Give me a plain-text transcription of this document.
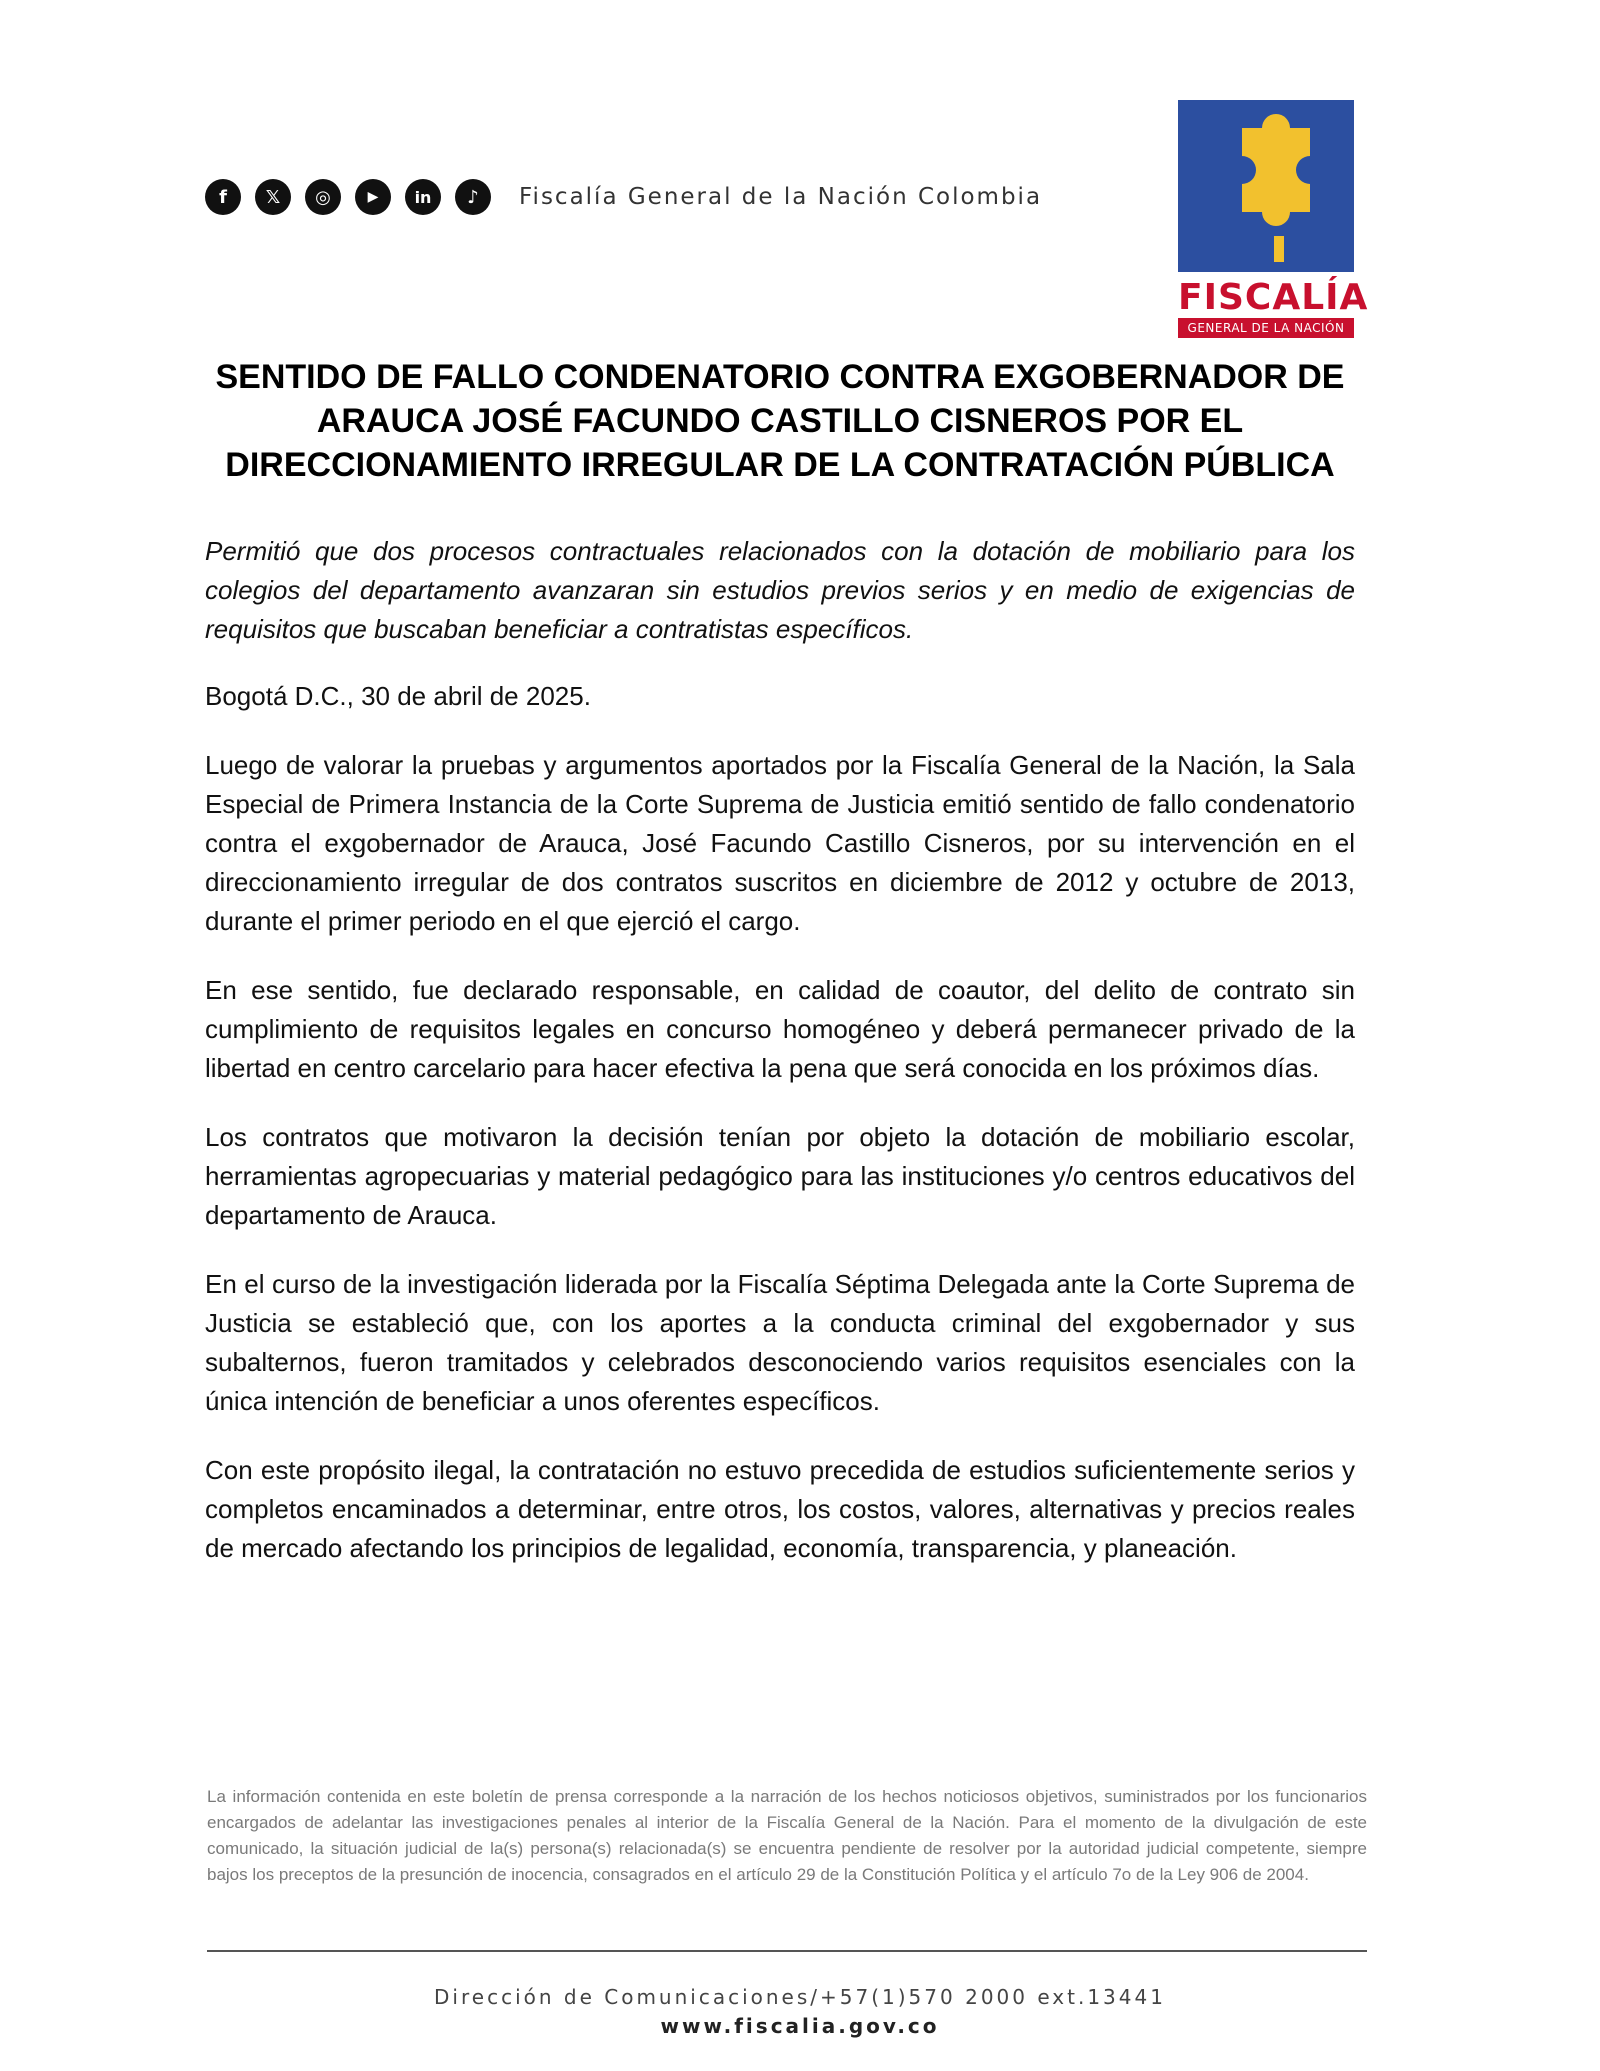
f	𝕏	◎	▶	in	♪	Fiscalía General de la Nación Colombia
FISCALÍA
GENERAL DE LA NACIÓN
SENTIDO DE FALLO CONDENATORIO CONTRA EXGOBERNADOR DE
ARAUCA JOSÉ FACUNDO CASTILLO CISNEROS POR EL
DIRECCIONAMIENTO IRREGULAR DE LA CONTRATACIÓN PÚBLICA

Permitió que dos procesos contractuales relacionados con la dotación de mobiliario para los colegios del departamento avanzaran sin estudios previos serios y en medio de exigencias de requisitos que buscaban beneficiar a contratistas específicos.

Bogotá D.C., 30 de abril de 2025.

Luego de valorar la pruebas y argumentos aportados por la Fiscalía General de la Nación, la Sala Especial de Primera Instancia de la Corte Suprema de Justicia emitió sentido de fallo condenatorio contra el exgobernador de Arauca, José Facundo Castillo Cisneros, por su intervención en el direccionamiento irregular de dos contratos suscritos en diciembre de 2012 y octubre de 2013, durante el primer periodo en el que ejerció el cargo.

En ese sentido, fue declarado responsable, en calidad de coautor, del delito de contrato sin cumplimiento de requisitos legales en concurso homogéneo y deberá permanecer privado de la libertad en centro carcelario para hacer efectiva la pena que será conocida en los próximos días.

Los contratos que motivaron la decisión tenían por objeto la dotación de mobiliario escolar, herramientas agropecuarias y material pedagógico para las instituciones y/o centros educativos del departamento de Arauca.

En el curso de la investigación liderada por la Fiscalía Séptima Delegada ante la Corte Suprema de Justicia se estableció que, con los aportes a la conducta criminal del exgobernador y sus subalternos, fueron tramitados y celebrados desconociendo varios requisitos esenciales con la única intención de beneficiar a unos oferentes específicos.

Con este propósito ilegal, la contratación no estuvo precedida de estudios suficientemente serios y completos encaminados a determinar, entre otros, los costos, valores, alternativas y precios reales de mercado afectando los principios de legalidad, economía, transparencia, y planeación.

La información contenida en este boletín de prensa corresponde a la narración de los hechos noticiosos objetivos, suministrados por los funcionarios encargados de adelantar las investigaciones penales al interior de la Fiscalía General de la Nación. Para el momento de la divulgación de este comunicado, la situación judicial de la(s) persona(s) relacionada(s) se encuentra pendiente de resolver por la autoridad judicial competente, siempre bajos los preceptos de la presunción de inocencia, consagrados en el artículo 29 de la Constitución Política y el artículo 7o de la Ley 906 de 2004.

Dirección de Comunicaciones/+57(1)570 2000 ext.13441
www.fiscalia.gov.co
